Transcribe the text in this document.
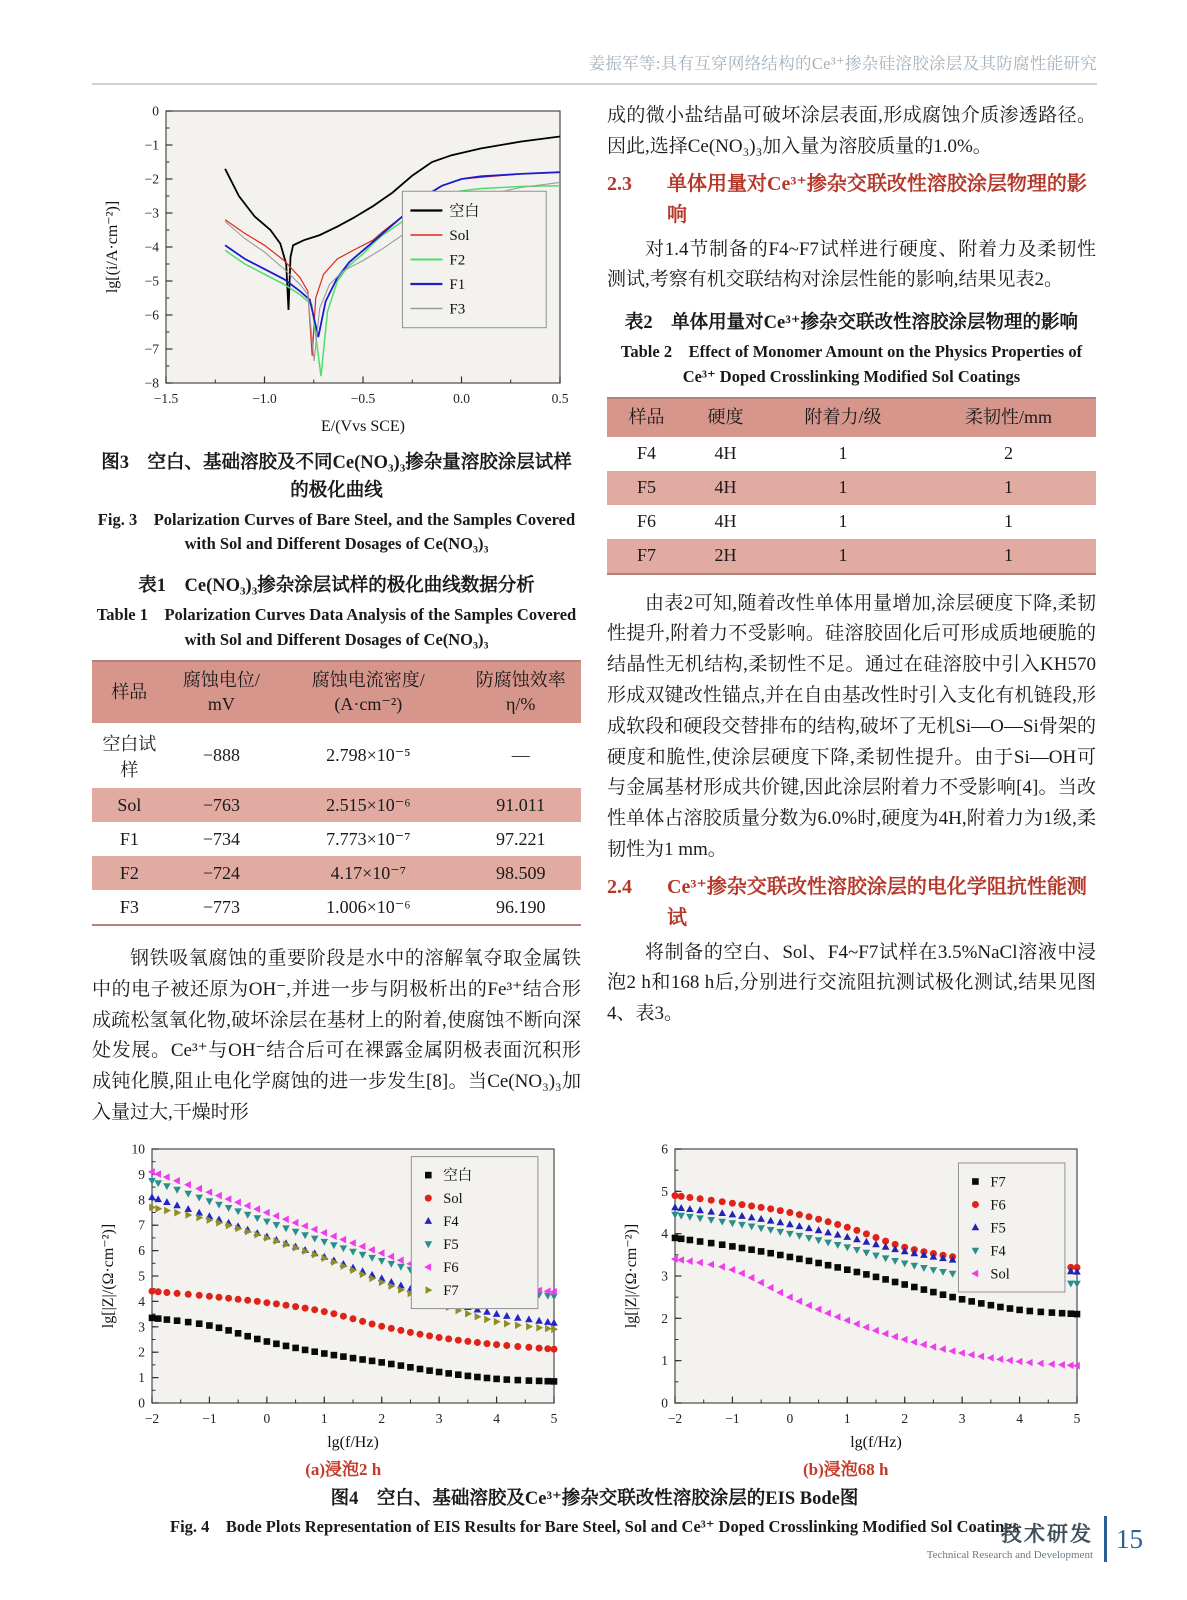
姜振军等:具有互穿网络结构的Ce³⁺掺杂硅溶胶涂层及其防腐性能研究
−1.5	−1.0	−0.5	0.0	0.5
0
−1
−2
−3
−4
−5
−6
−7
−8
E/(Vvs SCE)
lg[(i/A·cm⁻²)]	空白
Sol
F2
F1
F3
图3　空白、基础溶胶及不同Ce(NO₃)₃掺杂量溶胶涂层试样的极化曲线
Fig. 3　Polarization Curves of Bare Steel, and the Samples Covered with Sol and Different Dosages of Ce(NO₃)₃
表1　Ce(NO₃)₃掺杂涂层试样的极化曲线数据分析
Table 1　Polarization Curves Data Analysis of the Samples Covered with Sol and Different Dosages of Ce(NO₃)₃
样品	腐蚀电位/ mV	腐蚀电流密度/ (A·cm⁻²)	防腐蚀效率η/%
空白试样	−888	2.798×10⁻⁵	—
Sol	−763	2.515×10⁻⁶	91.011
F1	−734	7.773×10⁻⁷	97.221
F2	−724	4.17×10⁻⁷	98.509
F3	−773	1.006×10⁻⁶	96.190

钢铁吸氧腐蚀的重要阶段是水中的溶解氧夺取金属铁中的电子被还原为OH⁻,并进一步与阴极析出的Fe³⁺结合形成疏松氢氧化物,破坏涂层在基材上的附着,使腐蚀不断向深处发展。Ce³⁺与OH⁻结合后可在裸露金属阴极表面沉积形成钝化膜,阻止电化学腐蚀的进一步发生[8]。当Ce(NO₃)₃加入量过大,干燥时形

成的微小盐结晶可破坏涂层表面,形成腐蚀介质渗透路径。因此,选择Ce(NO₃)₃加入量为溶胶质量的1.0%。

2.3	单体用量对Ce³⁺掺杂交联改性溶胶涂层物理的影响

对1.4节制备的F4~F7试样进行硬度、附着力及柔韧性测试,考察有机交联结构对涂层性能的影响,结果见表2。

表2　单体用量对Ce³⁺掺杂交联改性溶胶涂层物理的影响
Table 2　Effect of Monomer Amount on the Physics Properties of Ce³⁺ Doped Crosslinking Modified Sol Coatings
样品	硬度	附着力/级	柔韧性/mm
F4	4H	1	2
F5	4H	1	1
F6	4H	1	1
F7	2H	1	1

由表2可知,随着改性单体用量增加,涂层硬度下降,柔韧性提升,附着力不受影响。硅溶胶固化后可形成质地硬脆的结晶性无机结构,柔韧性不足。通过在硅溶胶中引入KH570形成双键改性锚点,并在自由基改性时引入支化有机链段,形成软段和硬段交替排布的结构,破坏了无机Si—O—Si骨架的硬度和脆性,使涂层硬度下降,柔韧性提升。由于Si—OH可与金属基材形成共价键,因此涂层附着力不受影响[4]。当改性单体占溶胶质量分数为6.0%时,硬度为4H,附着力为1级,柔韧性为1 mm。

2.4	Ce³⁺掺杂交联改性溶胶涂层的电化学阻抗性能测试

将制备的空白、Sol、F4~F7试样在3.5%NaCl溶液中浸泡2 h和168 h后,分别进行交流阻抗测试极化测试,结果见图4、表3。

−2	−1	0	1	2	3	4	5
0
1
2
3
4
5
6
7
8
9
10
lg(f/Hz)
lg[|Z|/(Ω·cm⁻²)]
空白
Sol
F4
F5
F6
F7
−2	−1	0	1	2	3	4	5
0
1
2
3
4
5
6
lg(f/Hz)
lg[|Z|/(Ω·cm⁻²)]
F7
F6
F5
F4
Sol
(a)浸泡2 h	(b)浸泡68 h
图4　空白、基础溶胶及Ce³⁺掺杂交联改性溶胶涂层的EIS Bode图
Fig. 4　Bode Plots Representation of EIS Results for Bare Steel, Sol and Ce³⁺ Doped Crosslinking Modified Sol Coatings
技术研发
Technical Research and Development
15
